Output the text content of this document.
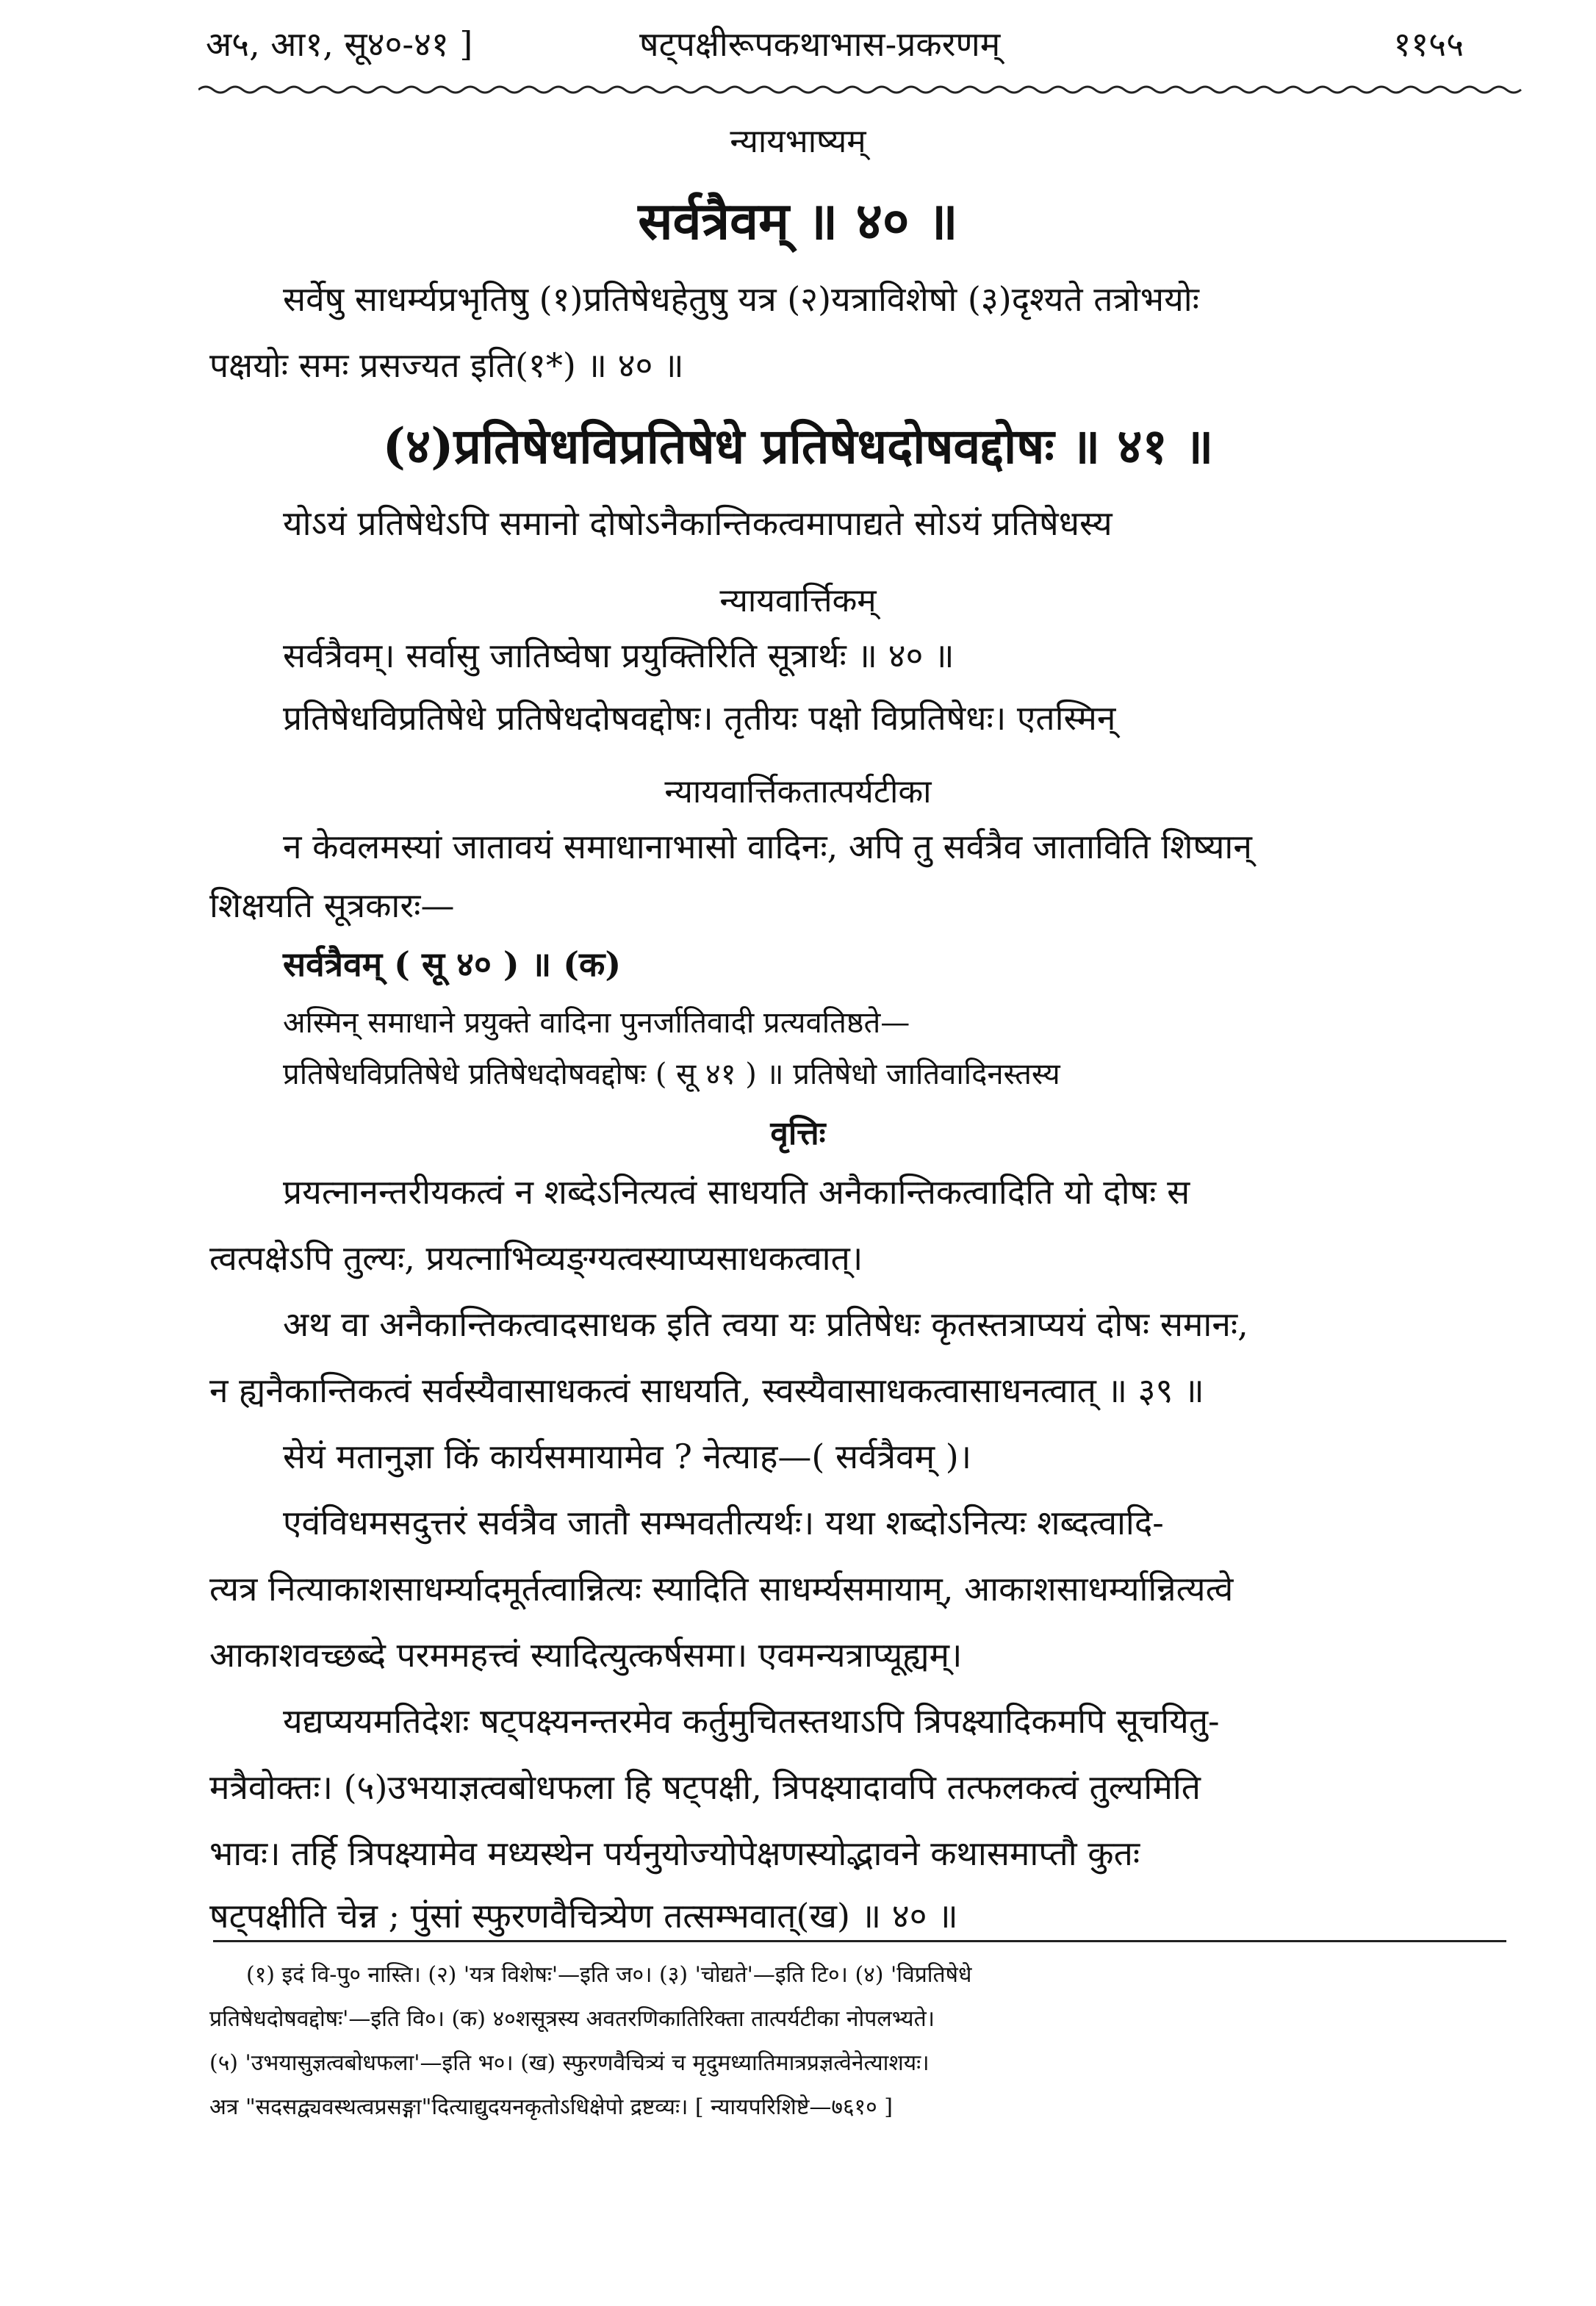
अ५, आ१, सू४०-४१ ]	षट्पक्षीरूपकथाभास-प्रकरणम्	११५५
न्यायभाष्यम्
सर्वत्रैवम् ॥ ४० ॥
सर्वेषु साधर्म्यप्रभृतिषु (१)प्रतिषेधहेतुषु यत्र (२)यत्राविशेषो (३)दृश्यते तत्रोभयोः
पक्षयोः समः प्रसज्यत इति(१*) ॥ ४० ॥
(४)प्रतिषेधविप्रतिषेधे प्रतिषेधदोषवद्दोषः ॥ ४१ ॥
योऽयं प्रतिषेधेऽपि समानो दोषोऽनैकान्तिकत्वमापाद्यते सोऽयं प्रतिषेधस्य
न्यायवार्त्तिकम्
सर्वत्रैवम्। सर्वासु जातिष्वेषा प्रयुक्तिरिति सूत्रार्थः ॥ ४० ॥
प्रतिषेधविप्रतिषेधे प्रतिषेधदोषवद्दोषः। तृतीयः पक्षो विप्रतिषेधः। एतस्मिन्
न्यायवार्त्तिकतात्पर्यटीका
न केवलमस्यां जातावयं समाधानाभासो वादिनः, अपि तु सर्वत्रैव जाताविति शिष्यान्
शिक्षयति सूत्रकारः—
सर्वत्रैवम् ( सू ४० ) ॥ (क)
अस्मिन् समाधाने प्रयुक्ते वादिना पुनर्जातिवादी प्रत्यवतिष्ठते—
प्रतिषेधविप्रतिषेधे प्रतिषेधदोषवद्दोषः ( सू ४१ ) ॥ प्रतिषेधो जातिवादिनस्तस्य
वृत्तिः
प्रयत्नानन्तरीयकत्वं न शब्देऽनित्यत्वं साधयति अनैकान्तिकत्वादिति यो दोषः स
त्वत्पक्षेऽपि तुल्यः, प्रयत्नाभिव्यङ्ग्यत्वस्याप्यसाधकत्वात्।
अथ वा अनैकान्तिकत्वादसाधक इति त्वया यः प्रतिषेधः कृतस्तत्राप्ययं दोषः समानः,
न ह्यनैकान्तिकत्वं सर्वस्यैवासाधकत्वं साधयति, स्वस्यैवासाधकत्वासाधनत्वात् ॥ ३९ ॥
सेयं मतानुज्ञा किं कार्यसमायामेव ? नेत्याह—( सर्वत्रैवम् )।
एवंविधमसदुत्तरं सर्वत्रैव जातौ सम्भवतीत्यर्थः। यथा शब्दोऽनित्यः शब्दत्वादि-
त्यत्र नित्याकाशसाधर्म्यादमूर्तत्वान्नित्यः स्यादिति साधर्म्यसमायाम्, आकाशसाधर्म्यान्नित्यत्वे
आकाशवच्छब्दे परममहत्त्वं स्यादित्युत्कर्षसमा। एवमन्यत्राप्यूह्यम्।
यद्यप्ययमतिदेशः षट्पक्ष्यनन्तरमेव कर्तुमुचितस्तथाऽपि त्रिपक्ष्यादिकमपि सूचयितु-
मत्रैवोक्तः। (५)उभयाज्ञत्वबोधफला हि षट्पक्षी, त्रिपक्ष्यादावपि तत्फलकत्वं तुल्यमिति
भावः। तर्हि त्रिपक्ष्यामेव मध्यस्थेन पर्यनुयोज्योपेक्षणस्योद्भावने कथासमाप्तौ कुतः
षट्पक्षीति चेन्न ; पुंसां स्फुरणवैचित्र्येण तत्सम्भवात्(ख) ॥ ४० ॥
(१) इदं वि-पु० नास्ति। (२) 'यत्र विशेषः'—इति ज०। (३) 'चोद्यते'—इति टि०। (४) 'विप्रतिषेधे
प्रतिषेधदोषवद्दोषः'—इति वि०। (क) ४०शसूत्रस्य अवतरणिकातिरिक्ता तात्पर्यटीका नोपलभ्यते।
(५) 'उभयासुज्ञत्वबोधफला'—इति भ०। (ख) स्फुरणवैचित्र्यं च मृदुमध्यातिमात्रप्रज्ञत्वेनेत्याशयः।
अत्र "सदसद्व्यवस्थत्वप्रसङ्गा"दित्याद्युदयनकृतोऽधिक्षेपो द्रष्टव्यः। [ न्यायपरिशिष्टे—७६१० ]
